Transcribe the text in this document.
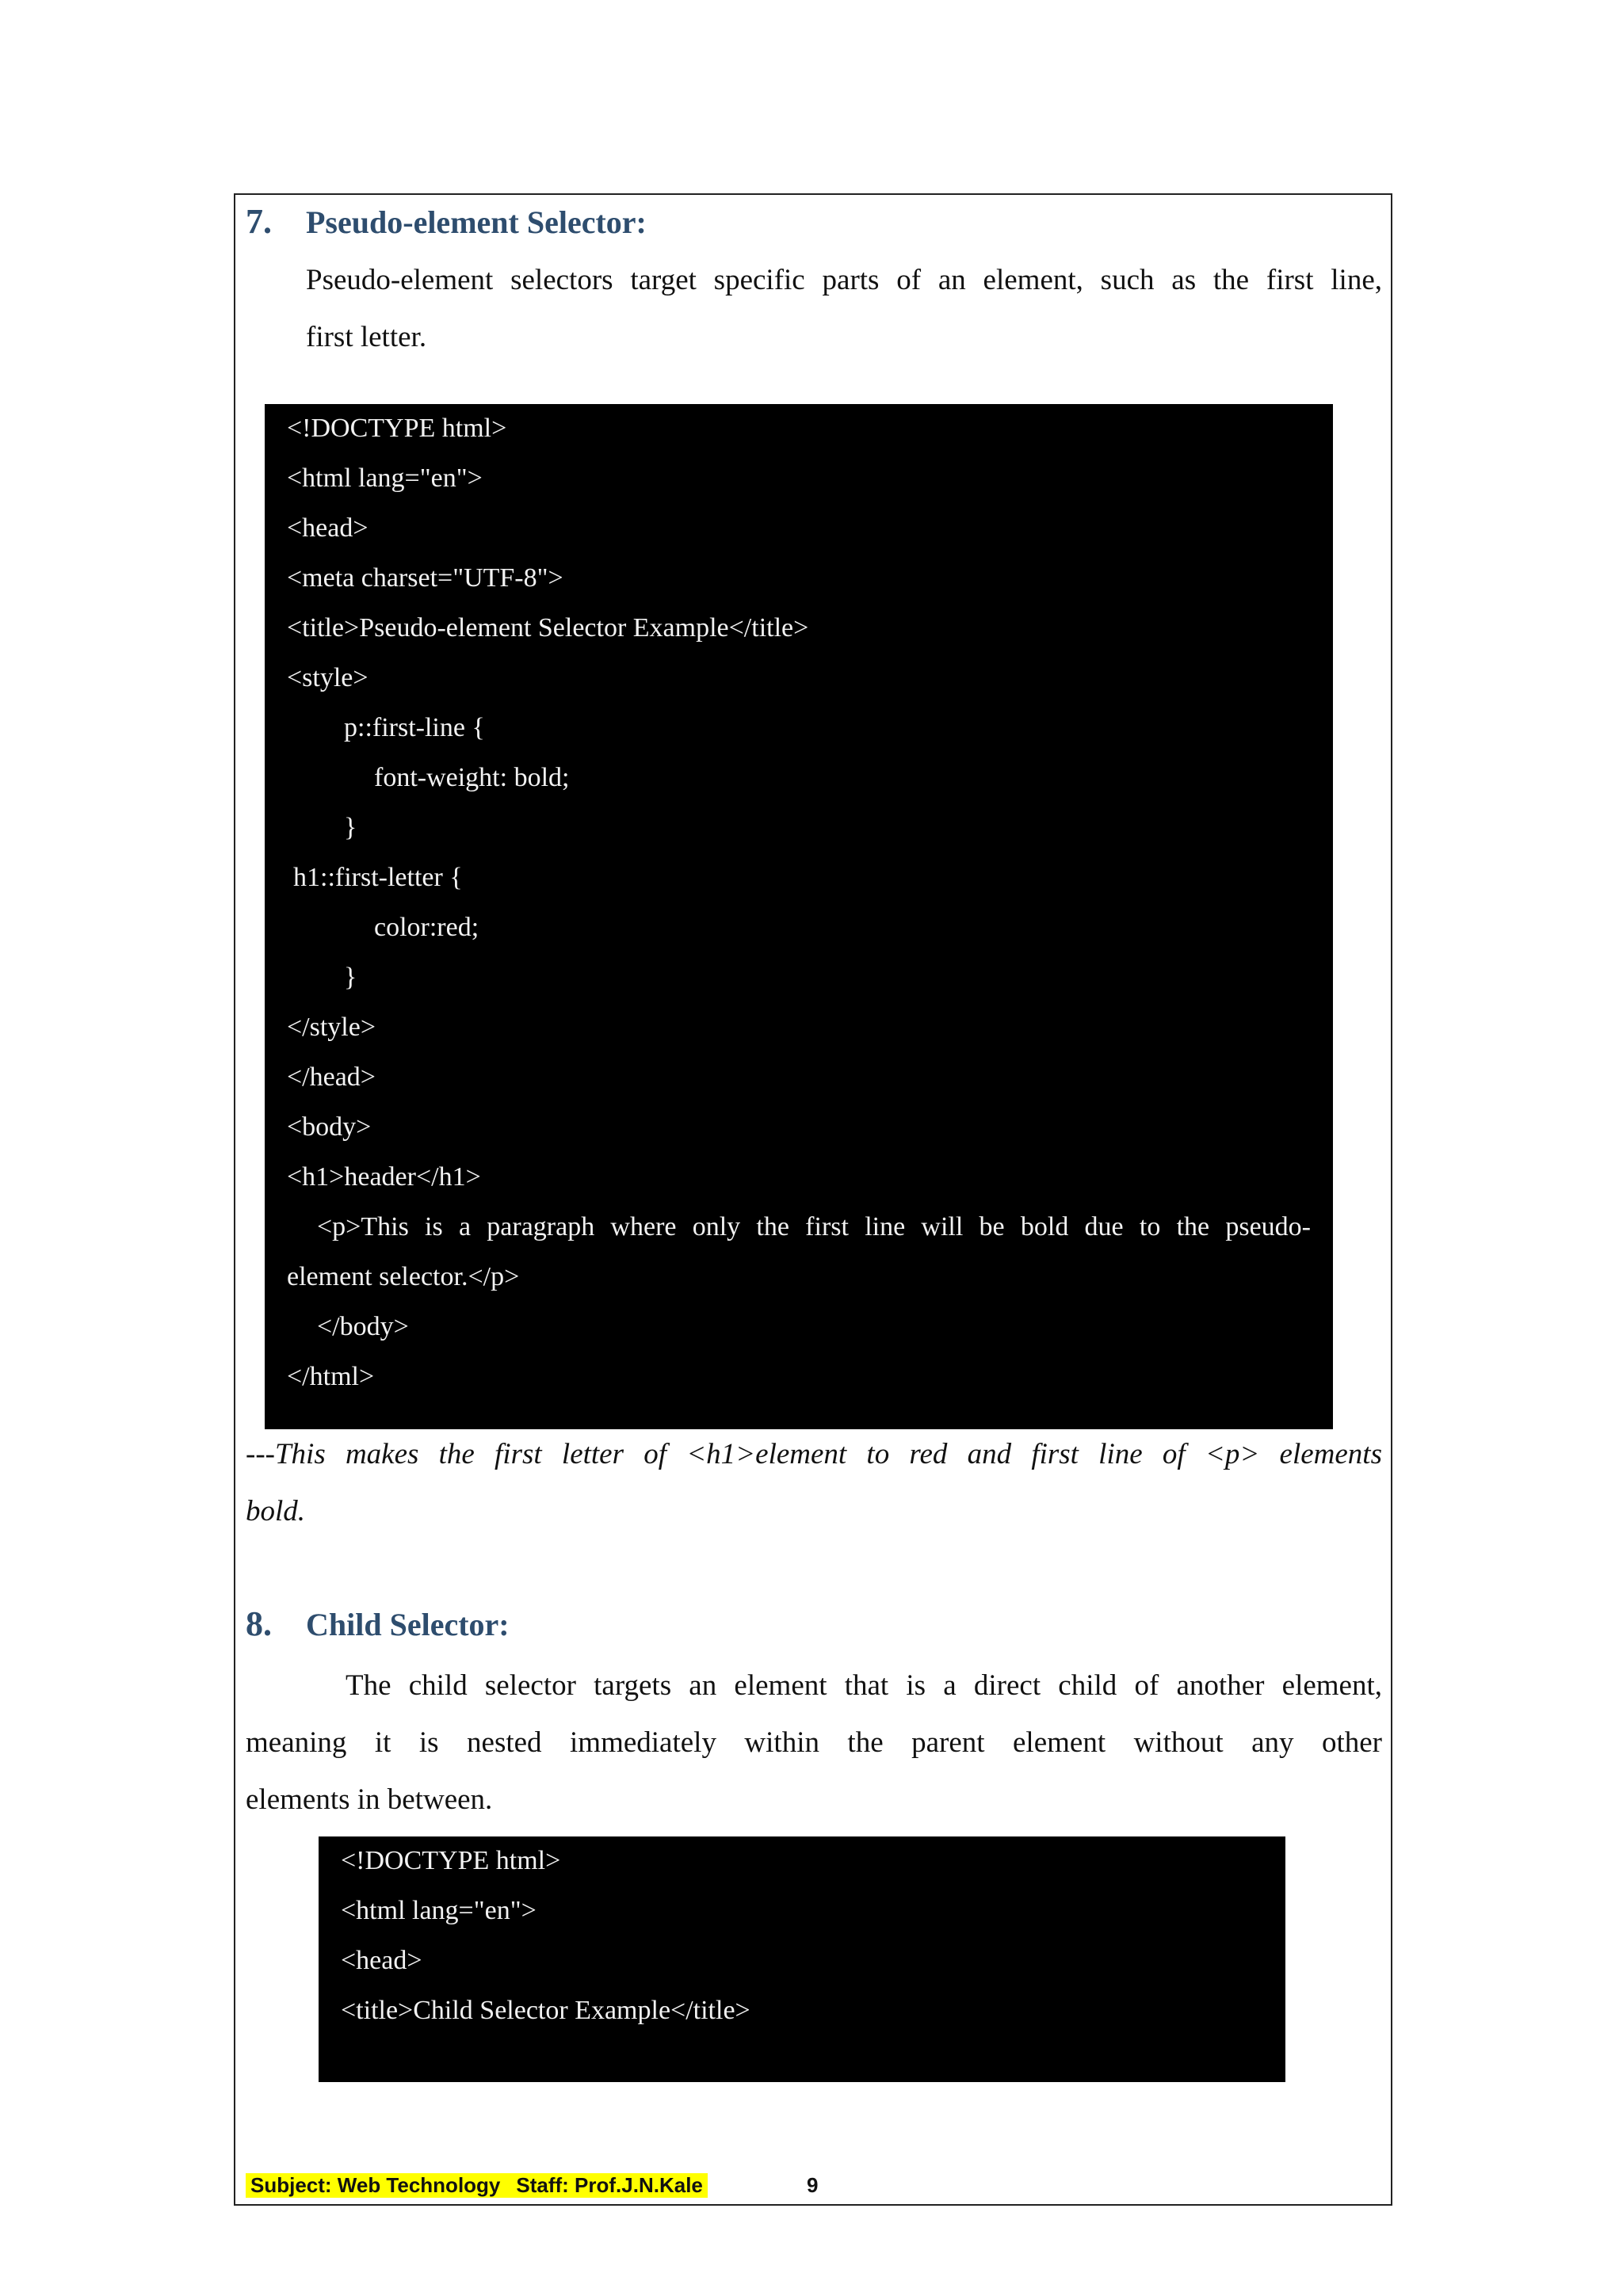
7.	Pseudo-element Selector:
Pseudo-element selectors target specific parts of an element, such as the first line,
first letter.
<!DOCTYPE html>
<html lang="en">
<head>
<meta charset="UTF-8">
<title>Pseudo-element Selector Example</title>
<style>
p::first-line {
font-weight: bold;
}
h1::first-letter {
color:red;
}
</style>
</head>
<body>
<h1>header</h1>
<p>This is a paragraph where only the first line will be bold due to the pseudo-
element selector.</p>
</body>
</html>
---This makes the first letter of <h1>element to red and first line of <p> elements
bold.
8.	Child Selector:
The child selector targets an element that is a direct child of another element,
meaning it is nested immediately within the parent element without any other
elements in between.
<!DOCTYPE html>
<html lang="en">
<head>
<title>Child Selector Example</title>
Subject: Web Technology Staff: Prof.J.N.Kale	9
